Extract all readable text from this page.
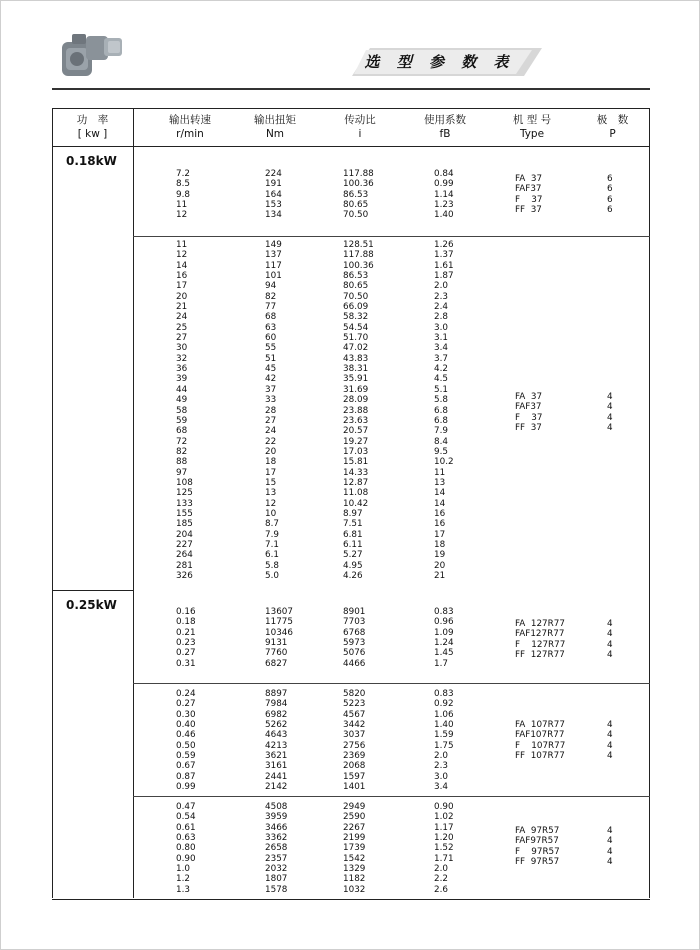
选 型 参 数 表
功　率
[ kw ]
输出转速
r/min
输出扭矩
Nm
传动比
i
使用系数
fB
机 型 号
Type
极　数
P
0.18kW
0.25kW
7.2
8.5
9.8
11
12
224
191
164
153
134
117.88
100.36
86.53
80.65
70.50
0.84
0.99
1.14
1.23
1.40
FA  37
FAF37
F    37
FF  37
6
6
6
6
11
12
14
16
17
20
21
24
25
27
30
32
36
39
44
49
58
59
68
72
82
88
97
108
125
133
155
185
204
227
264
281
326
149
137
117
101
94
82
77
68
63
60
55
51
45
42
37
33
28
27
24
22
20
18
17
15
13
12
10
8.7
7.9
7.1
6.1
5.8
5.0
128.51
117.88
100.36
86.53
80.65
70.50
66.09
58.32
54.54
51.70
47.02
43.83
38.31
35.91
31.69
28.09
23.88
23.63
20.57
19.27
17.03
15.81
14.33
12.87
11.08
10.42
8.97
7.51
6.81
6.11
5.27
4.95
4.26
1.26
1.37
1.61
1.87
2.0
2.3
2.4
2.8
3.0
3.1
3.4
3.7
4.2
4.5
5.1
5.8
6.8
6.8
7.9
8.4
9.5
10.2
11
13
14
14
16
16
17
18
19
20
21
FA  37
FAF37
F    37
FF  37
4
4
4
4
0.16
0.18
0.21
0.23
0.27
0.31
13607
11775
10346
9131
7760
6827
8901
7703
6768
5973
5076
4466
0.83
0.96
1.09
1.24
1.45
1.7
FA  127R77
FAF127R77
F    127R77
FF  127R77
4
4
4
4
0.24
0.27
0.30
0.40
0.46
0.50
0.59
0.67
0.87
0.99
8897
7984
6982
5262
4643
4213
3621
3161
2441
2142
5820
5223
4567
3442
3037
2756
2369
2068
1597
1401
0.83
0.92
1.06
1.40
1.59
1.75
2.0
2.3
3.0
3.4
FA  107R77
FAF107R77
F    107R77
FF  107R77
4
4
4
4
0.47
0.54
0.61
0.63
0.80
0.90
1.0
1.2
1.3
4508
3959
3466
3362
2658
2357
2032
1807
1578
2949
2590
2267
2199
1739
1542
1329
1182
1032
0.90
1.02
1.17
1.20
1.52
1.71
2.0
2.2
2.6
FA  97R57
FAF97R57
F    97R57
FF  97R57
4
4
4
4
